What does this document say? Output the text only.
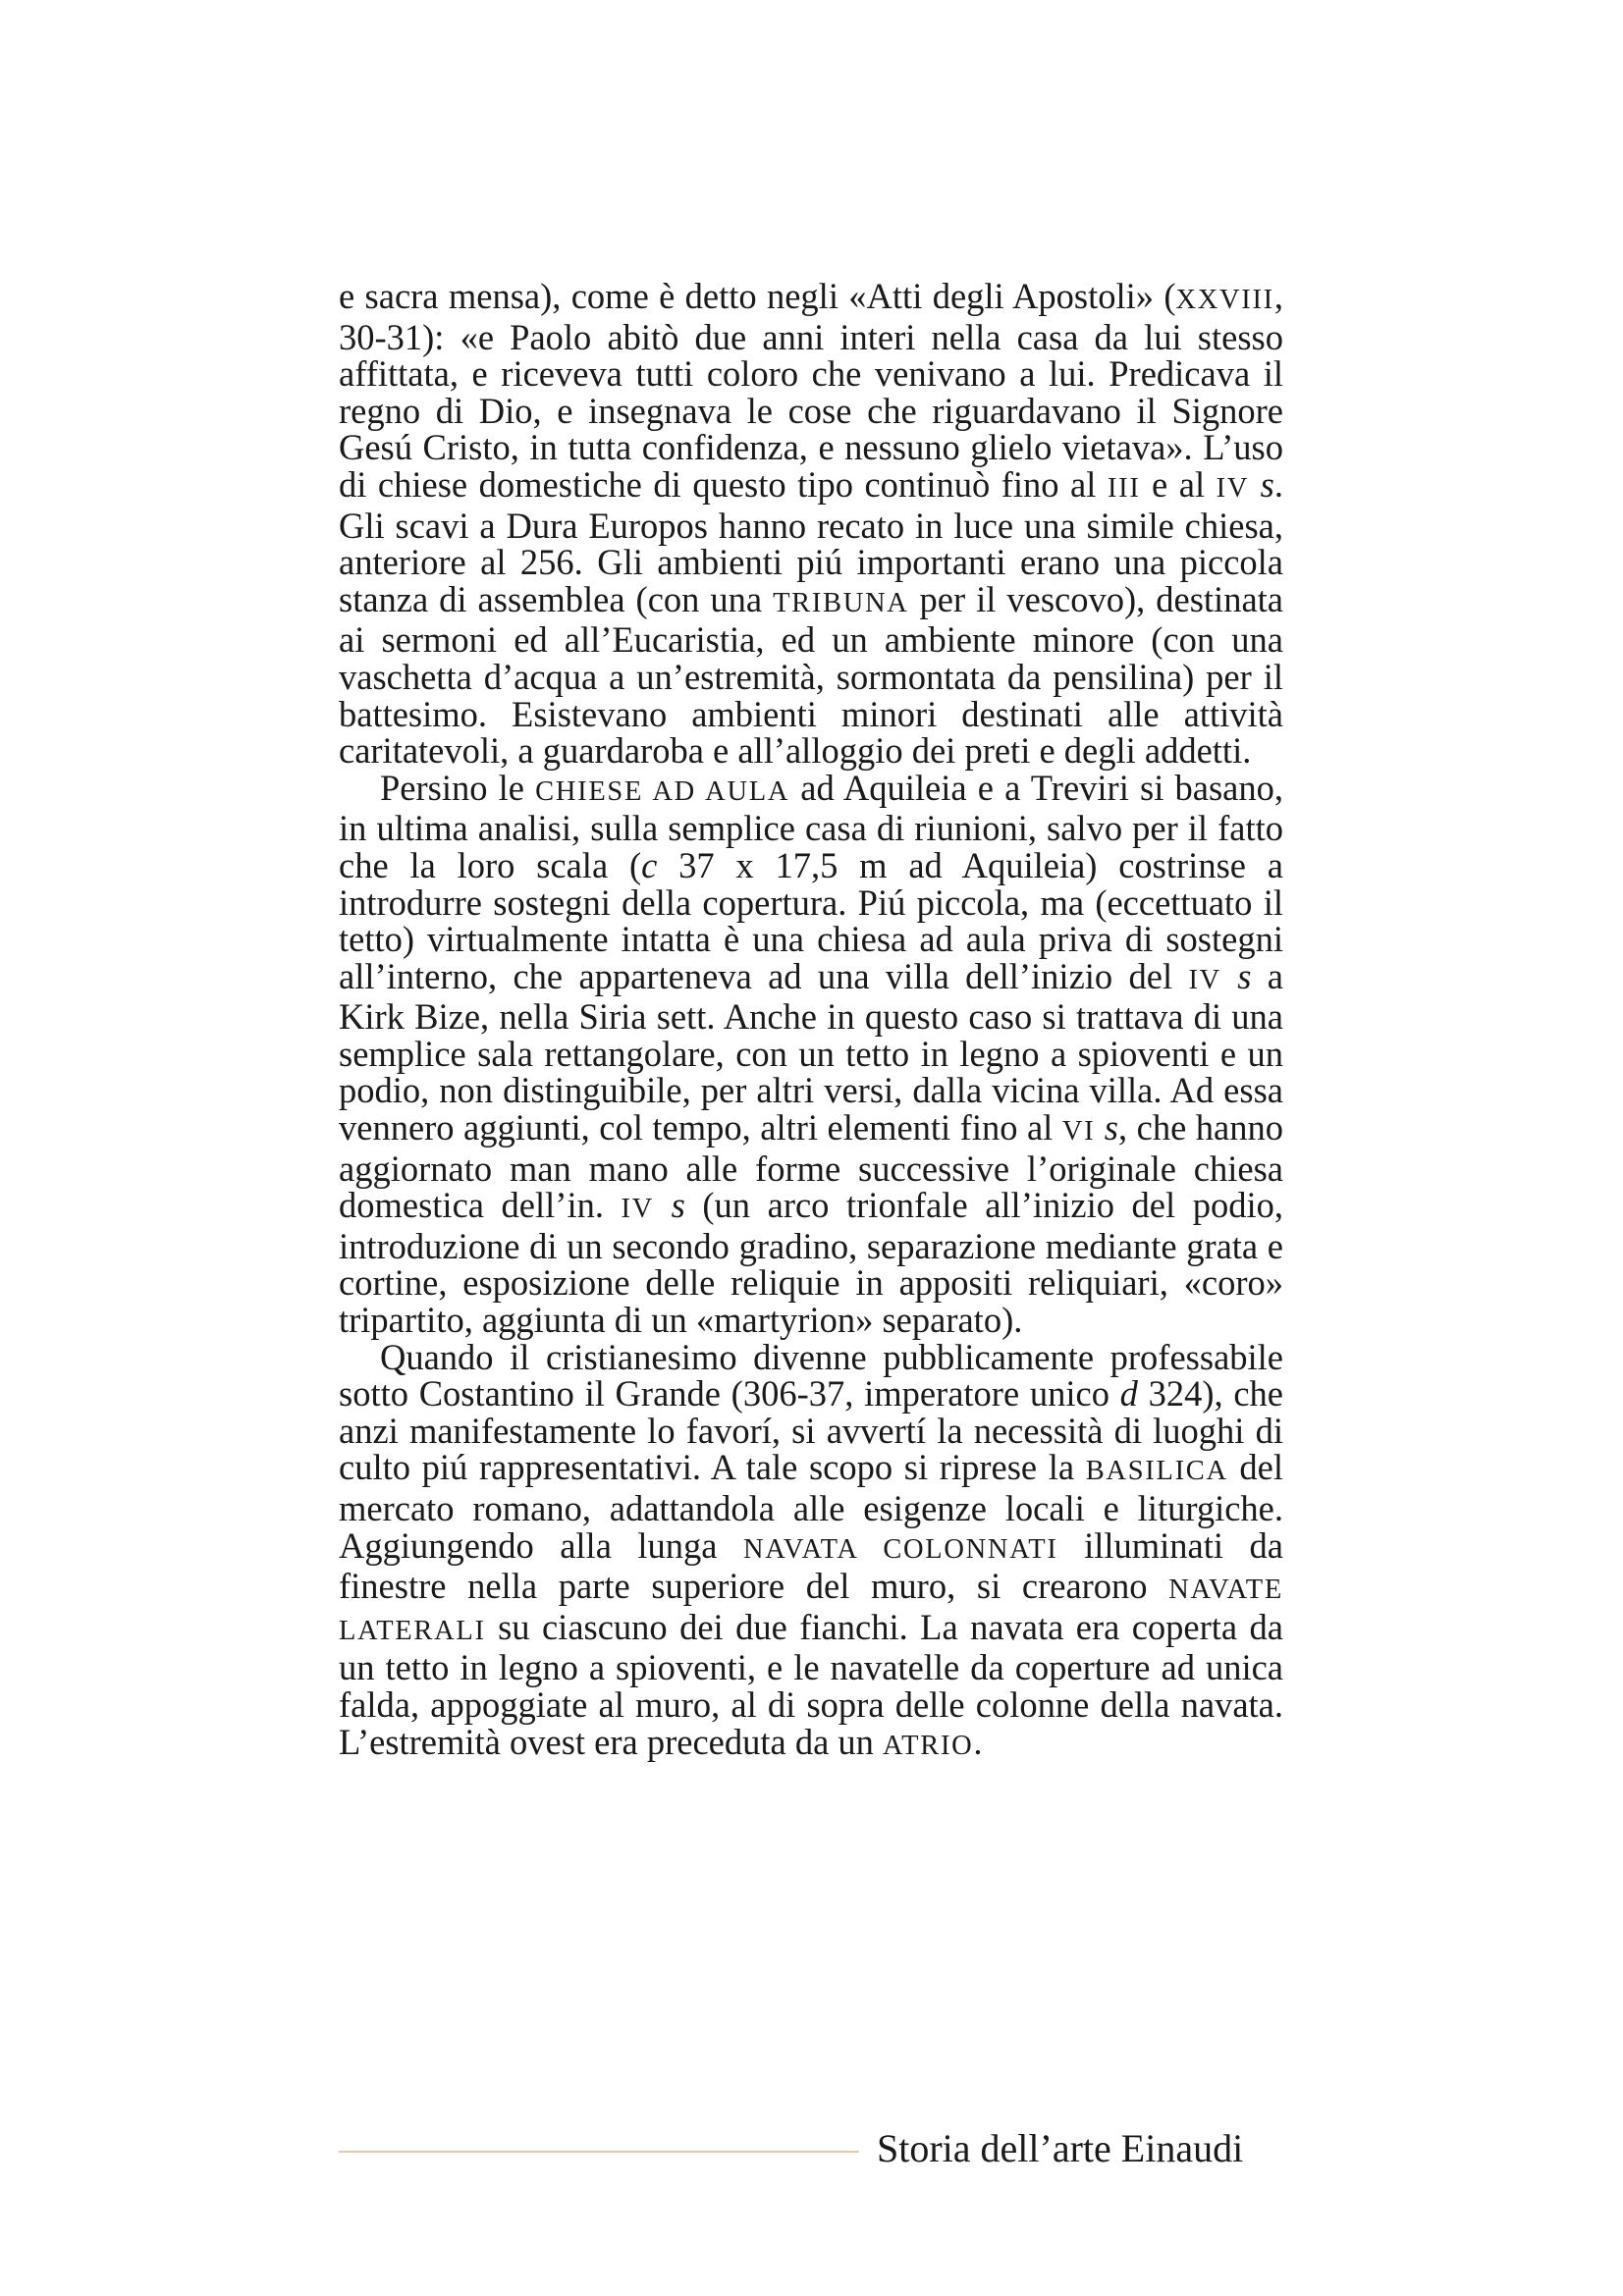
e sacra mensa), come è detto negli «Atti degli Apostoli» (XXVIII, 30-31): «e Paolo abitò due anni interi nella casa da lui stesso affittata, e riceveva tutti coloro che venivano a lui. Predicava il regno di Dio, e insegnava le cose che riguardavano il Signore Gesú Cristo, in tutta confidenza, e nessuno glielo vietava». L’uso di chiese domestiche di questo tipo continuò fino al III e al IV s. Gli scavi a Dura Europos hanno recato in luce una simile chiesa, anteriore al 256. Gli ambienti piú importanti erano una piccola stanza di assemblea (con una TRIBUNA per il vescovo), destinata ai sermoni ed all’Eucaristia, ed un ambiente minore (con una vaschetta d’acqua a un’estremità, sormontata da pensilina) per il battesimo. Esistevano ambienti minori destinati alle attività caritatevoli, a guardaroba e all’alloggio dei preti e degli addetti.

Persino le CHIESE AD AULA ad Aquileia e a Treviri si basano, in ultima analisi, sulla semplice casa di riunioni, salvo per il fatto che la loro scala (c 37 x 17,5 m ad Aquileia) costrinse a introdurre sostegni della copertura. Piú piccola, ma (eccettuato il tetto) virtualmente intatta è una chiesa ad aula priva di sostegni all’interno, che apparteneva ad una villa dell’inizio del IV s a Kirk Bize, nella Siria sett. Anche in questo caso si trattava di una semplice sala rettangolare, con un tetto in legno a spioventi e un podio, non distinguibile, per altri versi, dalla vicina villa. Ad essa vennero aggiunti, col tempo, altri elementi fino al VI s, che hanno aggiornato man mano alle forme successive l’originale chiesa domestica dell’in. IV s (un arco trionfale all’inizio del podio, introduzione di un secondo gradino, separazione mediante grata e cortine, esposizione delle reliquie in appositi reliquiari, «coro» tripartito, aggiunta di un «martyrion» separato).

Quando il cristianesimo divenne pubblicamente professabile sotto Costantino il Grande (306-37, imperatore unico d 324), che anzi manifestamente lo favorí, si avvertí la necessità di luoghi di culto piú rappresentativi. A tale scopo si riprese la BASILICA del mercato romano, adattandola alle esigenze locali e liturgiche. Aggiungendo alla lunga NAVATA COLONNATI illuminati da finestre nella parte superiore del muro, si crearono NAVATE LATERALI su ciascuno dei due fianchi. La navata era coperta da un tetto in legno a spioventi, e le navatelle da coperture ad unica falda, appoggiate al muro, al di sopra delle colonne della navata. L’estremità ovest era preceduta da un ATRIO.

Storia dell’arte Einaudi
